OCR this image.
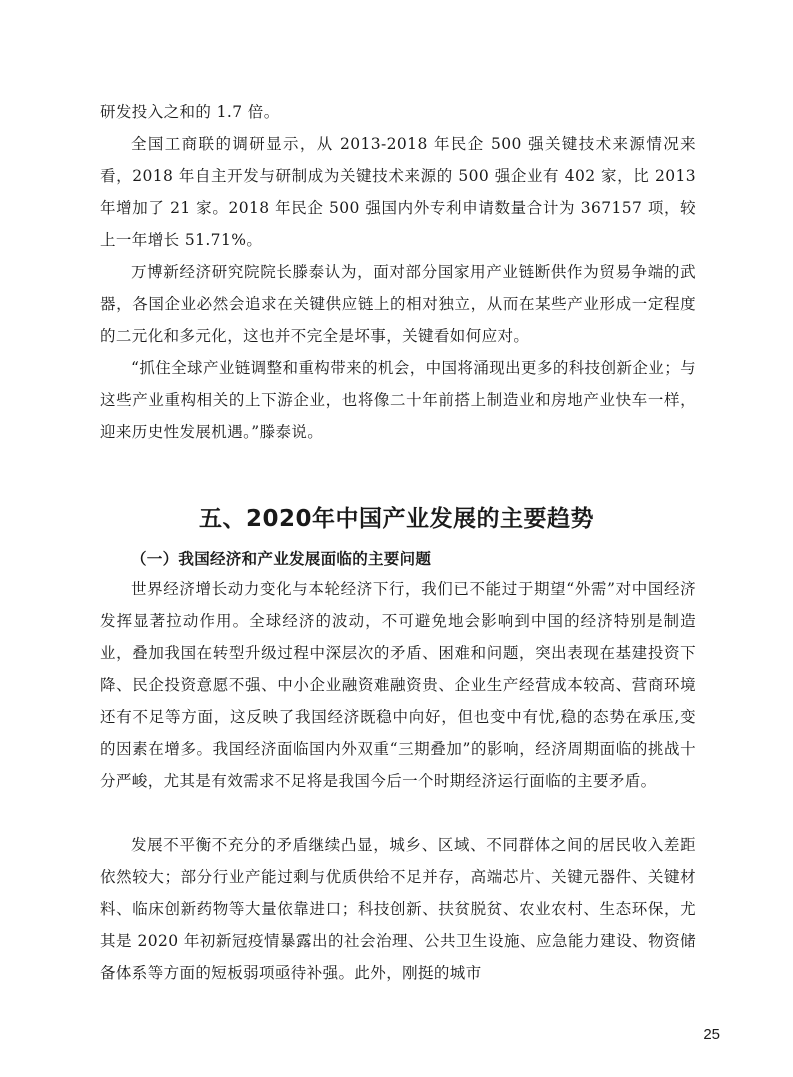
研发投入之和的 1.7 倍。

全国工商联的调研显示，从 2013-2018 年民企 500 强关键技术来源情况来看，2018 年自主开发与研制成为关键技术来源的 500 强企业有 402 家，比 2013 年增加了 21 家。2018 年民企 500 强国内外专利申请数量合计为 367157 项，较上一年增长 51.71%。

万博新经济研究院院长滕泰认为，面对部分国家用产业链断供作为贸易争端的武器，各国企业必然会追求在关键供应链上的相对独立，从而在某些产业形成一定程度的二元化和多元化，这也并不完全是坏事，关键看如何应对。

“抓住全球产业链调整和重构带来的机会，中国将涌现出更多的科技创新企业；与这些产业重构相关的上下游企业，也将像二十年前搭上制造业和房地产业快车一样，迎来历史性发展机遇。”滕泰说。

五、2020年中国产业发展的主要趋势
（一）我国经济和产业发展面临的主要问题

世界经济增长动力变化与本轮经济下行，我们已不能过于期望“外需”对中国经济发挥显著拉动作用。全球经济的波动，不可避免地会影响到中国的经济特别是制造业，叠加我国在转型升级过程中深层次的矛盾、困难和问题，突出表现在基建投资下降、民企投资意愿不强、中小企业融资难融资贵、企业生产经营成本较高、营商环境还有不足等方面，这反映了我国经济既稳中向好，但也变中有忧,稳的态势在承压,变的因素在增多。我国经济面临国内外双重“三期叠加”的影响，经济周期面临的挑战十分严峻，尤其是有效需求不足将是我国今后一个时期经济运行面临的主要矛盾。

发展不平衡不充分的矛盾继续凸显，城乡、区域、不同群体之间的居民收入差距依然较大；部分行业产能过剩与优质供给不足并存，高端芯片、关键元器件、关键材料、临床创新药物等大量依靠进口；科技创新、扶贫脱贫、农业农村、生态环保，尤其是 2020 年初新冠疫情暴露出的社会治理、公共卫生设施、应急能力建设、物资储备体系等方面的短板弱项亟待补强。此外，刚挺的城市

25
